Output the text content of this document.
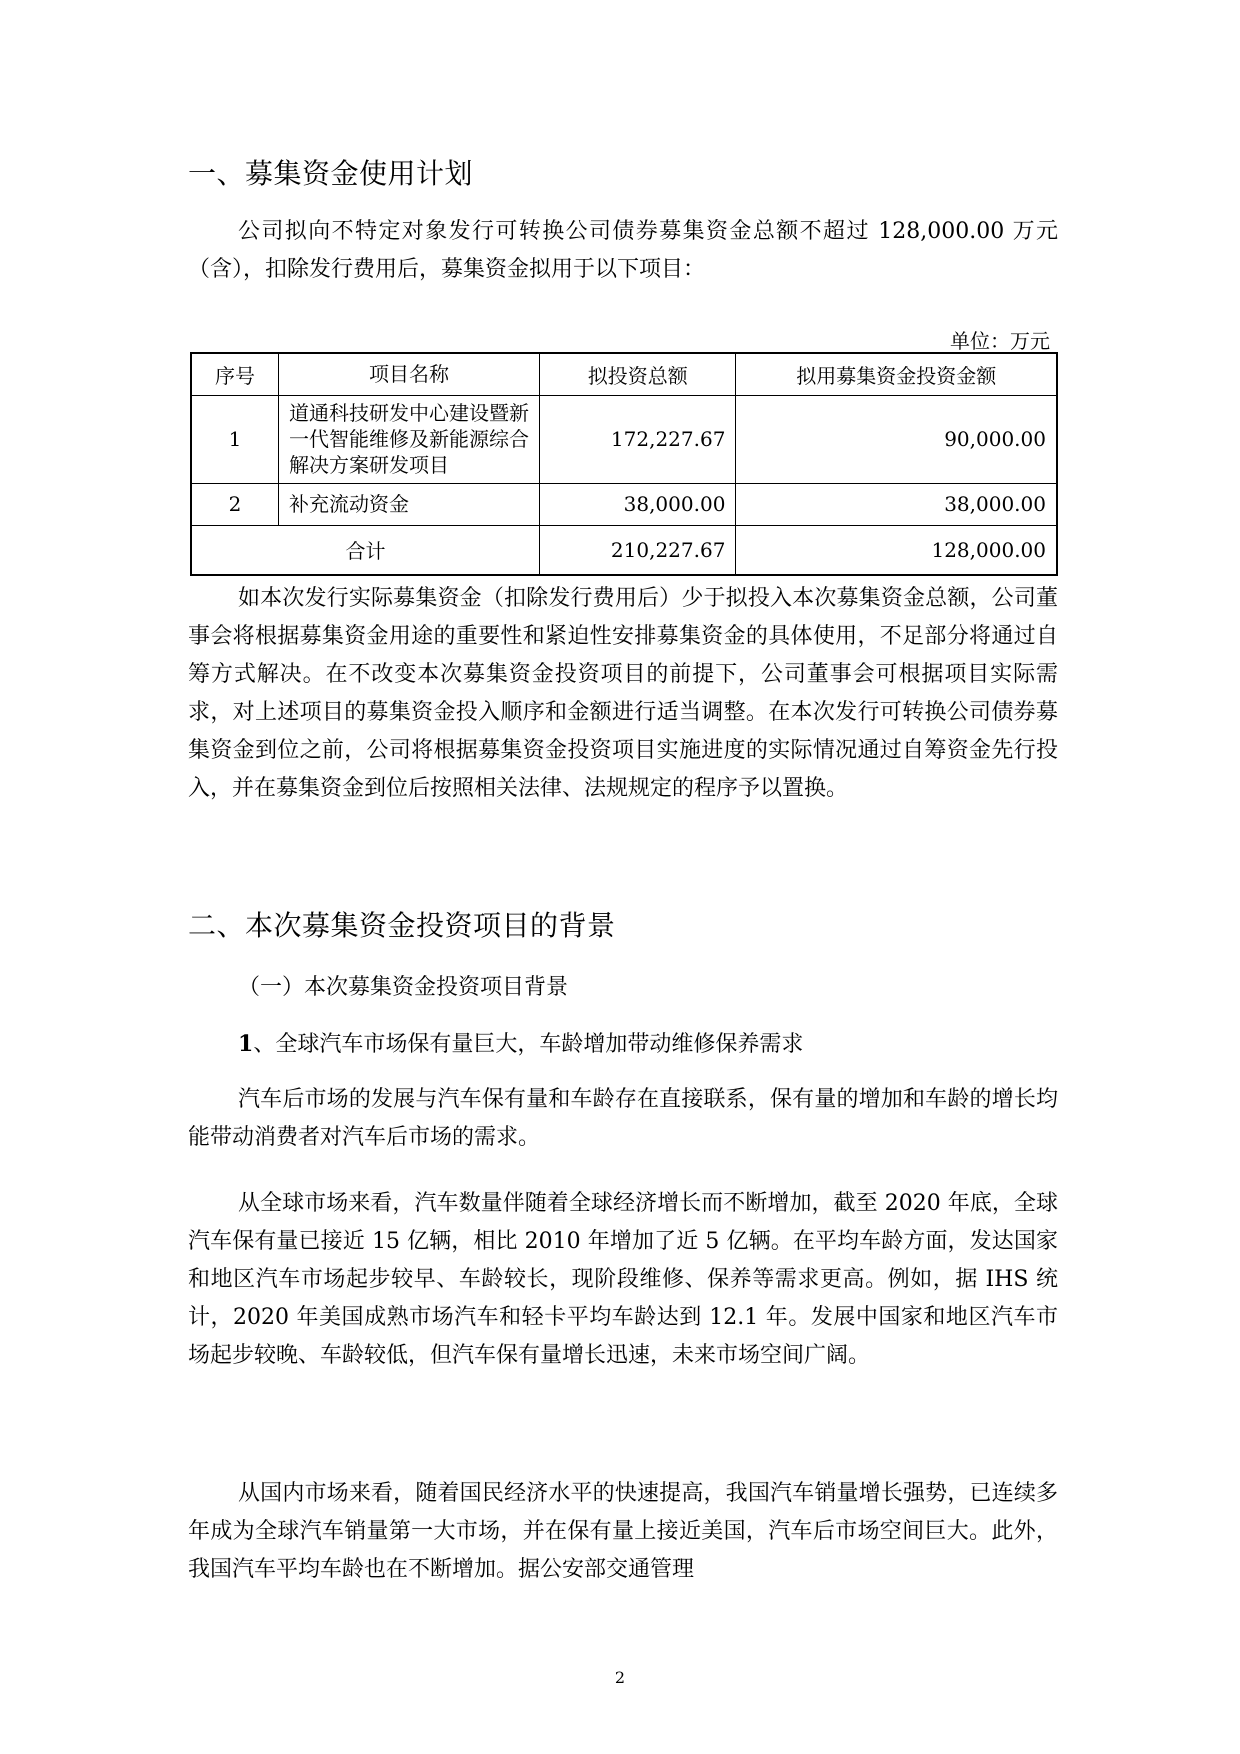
一、募集资金使用计划

公司拟向不特定对象发行可转换公司债券募集资金总额不超过 128,000.00 万元（含），扣除发行费用后，募集资金拟用于以下项目：

单位：万元
序号	项目名称	拟投资总额	拟用募集资金投资金额
1	道通科技研发中心建设暨新一代智能维修及新能源综合解决方案研发项目	172,227.67	90,000.00
2	补充流动资金	38,000.00	38,000.00
合计		210,227.67	128,000.00

如本次发行实际募集资金（扣除发行费用后）少于拟投入本次募集资金总额，公司董事会将根据募集资金用途的重要性和紧迫性安排募集资金的具体使用，不足部分将通过自筹方式解决。在不改变本次募集资金投资项目的前提下，公司董事会可根据项目实际需求，对上述项目的募集资金投入顺序和金额进行适当调整。在本次发行可转换公司债券募集资金到位之前，公司将根据募集资金投资项目实施进度的实际情况通过自筹资金先行投入，并在募集资金到位后按照相关法律、法规规定的程序予以置换。

二、本次募集资金投资项目的背景
（一）本次募集资金投资项目背景
1、全球汽车市场保有量巨大，车龄增加带动维修保养需求

汽车后市场的发展与汽车保有量和车龄存在直接联系，保有量的增加和车龄的增长均能带动消费者对汽车后市场的需求。

从全球市场来看，汽车数量伴随着全球经济增长而不断增加，截至 2020 年底，全球汽车保有量已接近 15 亿辆，相比 2010 年增加了近 5 亿辆。在平均车龄方面，发达国家和地区汽车市场起步较早、车龄较长，现阶段维修、保养等需求更高。例如，据 IHS 统计，2020 年美国成熟市场汽车和轻卡平均车龄达到 12.1 年。发展中国家和地区汽车市场起步较晚、车龄较低，但汽车保有量增长迅速，未来市场空间广阔。

从国内市场来看，随着国民经济水平的快速提高，我国汽车销量增长强势，已连续多年成为全球汽车销量第一大市场，并在保有量上接近美国，汽车后市场空间巨大。此外，我国汽车平均车龄也在不断增加。据公安部交通管理

2
